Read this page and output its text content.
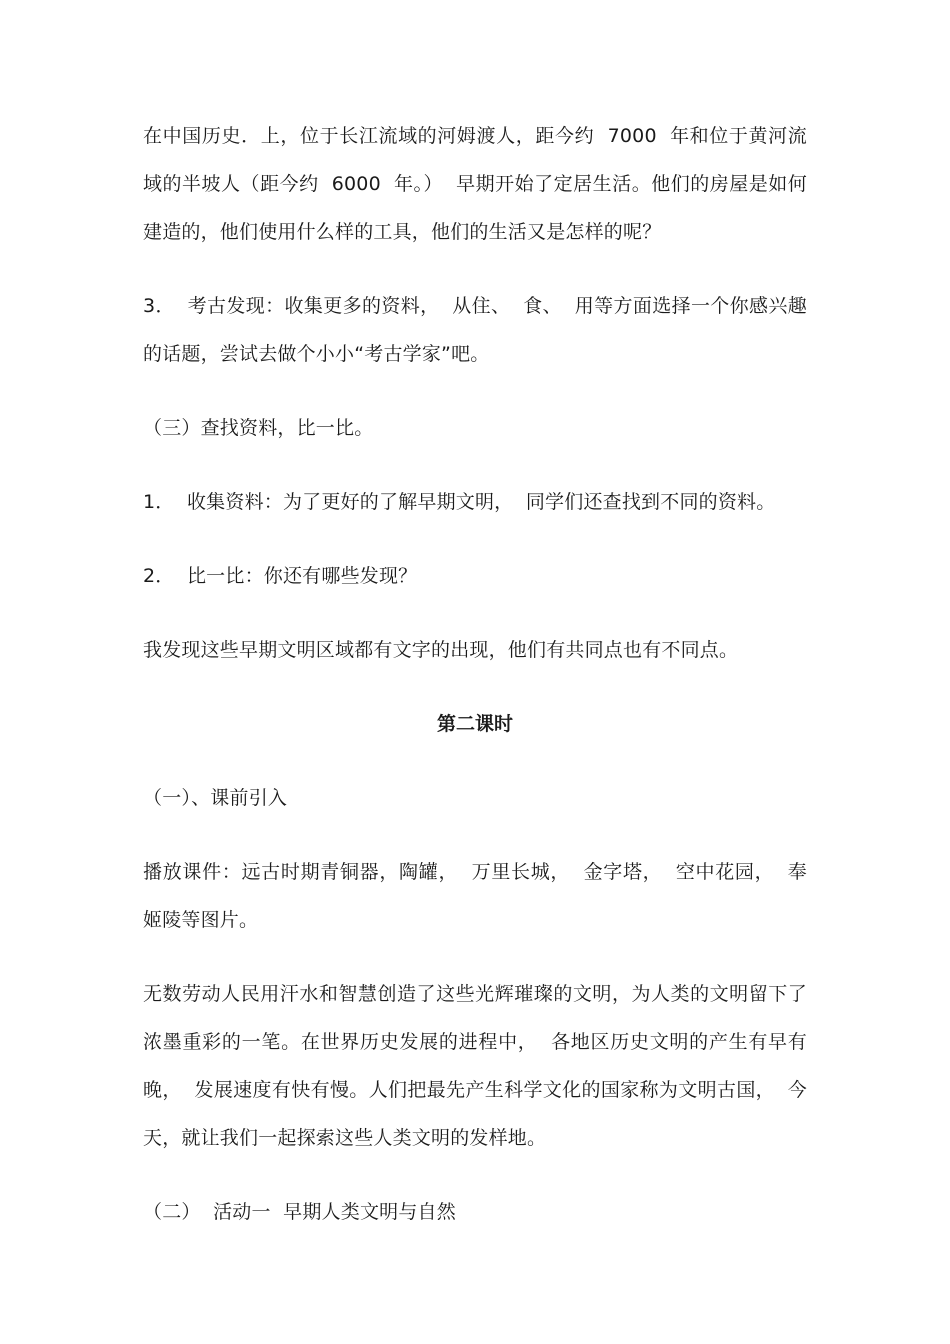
在中国历史．上，位于长江流域的河姆渡人，距今约  7000  年和位于黄河流域的半坡人（距今约  6000  年。）  早期开始了定居生活。他们的房屋是如何建造的，他们使用什么样的工具，他们的生活又是怎样的呢？

3．  考古发现：收集更多的资料，  从住、  食、  用等方面选择一个你感兴趣的话题，尝试去做个小小“考古学家”吧。

（三）查找资料，比一比。

1．  收集资料：为了更好的了解早期文明，  同学们还查找到不同的资料。

2．  比一比：你还有哪些发现？

我发现这些早期文明区域都有文字的出现，他们有共同点也有不同点。

第二课时

（一）、课前引入

播放课件：远古时期青铜器，陶罐，  万里长城，  金字塔，  空中花园，  奉姬陵等图片。

无数劳动人民用汗水和智慧创造了这些光辉璀璨的文明，为人类的文明留下了浓墨重彩的一笔。在世界历史发展的进程中，  各地区历史文明的产生有早有晚，  发展速度有快有慢。人们把最先产生科学文化的国家称为文明古国，  今天，就让我们一起探索这些人类文明的发样地。

（二）  活动一  早期人类文明与自然
